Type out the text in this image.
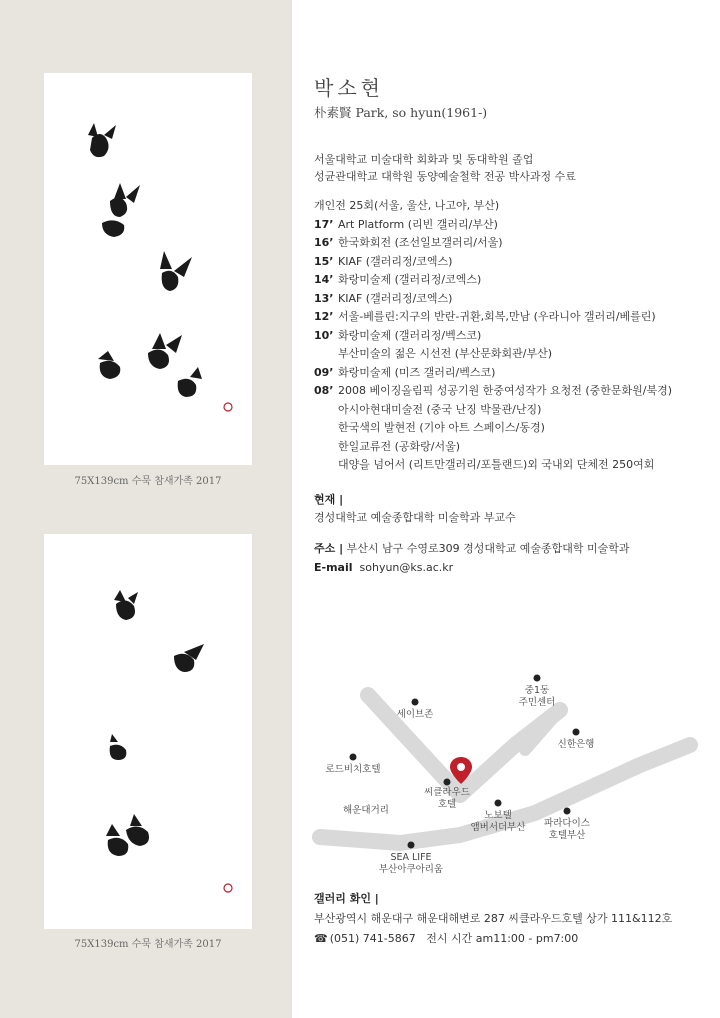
75X139cm 수묵 참새가족 2017
75X139cm 수묵 참새가족 2017
박소현
朴素賢 Park, so hyun(1961-)
서울대학교 미술대학 회화과 및 동대학원 졸업
성균관대학교 대학원 동양예술철학 전공 박사과정 수료
개인전 25회(서울, 울산, 나고야, 부산)
17’ Art Platform (리빈 갤러리/부산)
16’ 한국화회전 (조선일보갤러리/서울)
15’ KIAF (갤러리정/코엑스)
14’ 화랑미술제 (갤러리정/코엑스)
13’ KIAF (갤러리정/코엑스)
12’ 서울-베를린:지구의 반란-귀환,회복,만남 (우라니아 갤러리/베를린)
10’ 화랑미술제 (갤러리정/벡스코)
부산미술의 젊은 시선전 (부산문화회관/부산)
09’ 화랑미술제 (미즈 갤러리/벡스코)
08’ 2008 베이징올림픽 성공기원 한중여성작가 요청전 (중한문화원/북경)
아시아현대미술전 (중국 난징 박물관/난징)
한국색의 발현전 (기야 아트 스페이스/동경)
한일교류전 (공화랑/서울)
대양을 넘어서 (리트만갤러리/포틀랜드)외 국내외 단체전 250여회
현재 |
경성대학교 예술종합대학 미술학과 부교수
주소 | 부산시 남구 수영로309 경성대학교 예술종합대학 미술학과
E-mail sohyun@ks.ac.kr
세이브존
중1동
주민센터
신한은행
로드비치호텔
해운대거리
씨클라우드
호텔
노보텔
앰버서더부산 파라다이스
호텔부산
SEA LIFE
부산아쿠아리움
갤러리 화인 |
부산광역시 해운대구 해운대해변로 287 씨클라우드호텔 상가 111&112호
☎ (051) 741-5867 전시 시간 am11:00 - pm7:00
